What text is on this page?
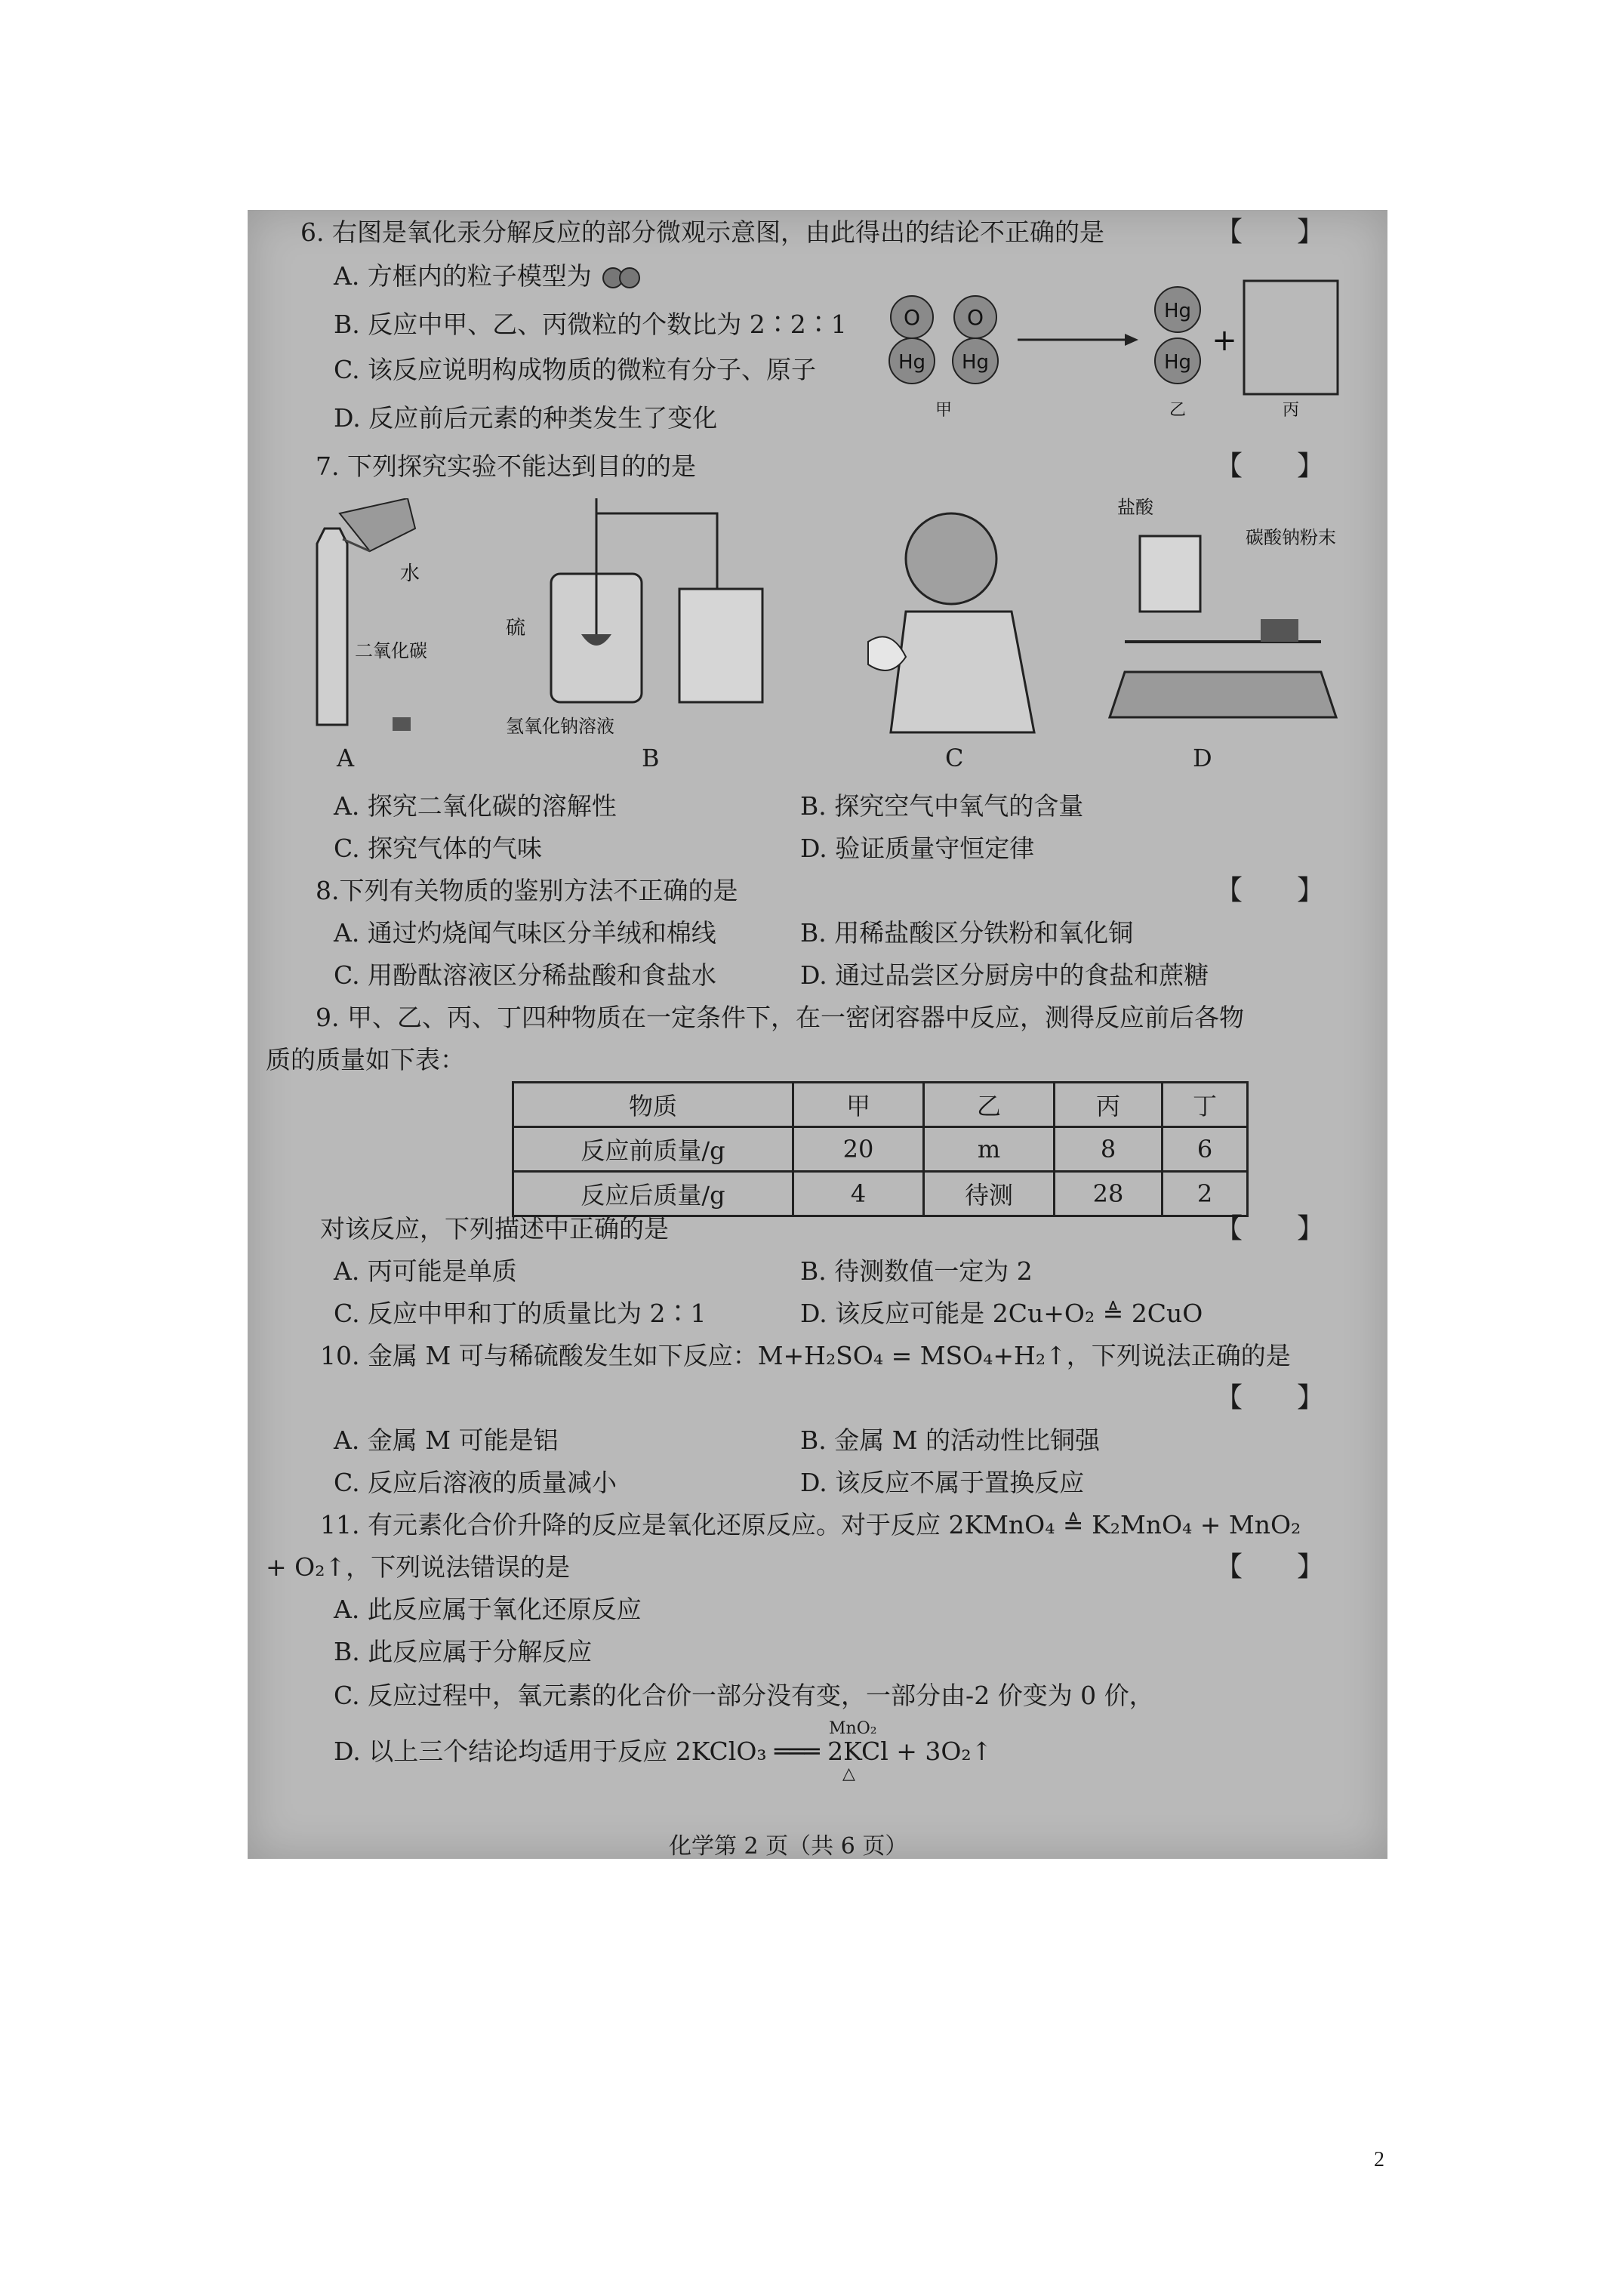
6. 右图是氧化汞分解反应的部分微观示意图，由此得出的结论不正确的是	【　　】
A. 方框内的粒子模型为
B. 反应中甲、乙、丙微粒的个数比为 2∶2∶1
C. 该反应说明构成物质的微粒有分子、原子
D. 反应前后元素的种类发生了变化
O
Hg
O
Hg
甲
Hg
Hg
乙
+
丙
7. 下列探究实验不能达到目的的是	【　　】
水
二氧化碳
硫
氢氧化钠溶液
盐酸
碳酸钠粉末
A	B	C	D
A. 探究二氧化碳的溶解性	B. 探究空气中氧气的含量
C. 探究气体的气味	D. 验证质量守恒定律
8.下列有关物质的鉴别方法不正确的是	【　　】
A. 通过灼烧闻气味区分羊绒和棉线	B. 用稀盐酸区分铁粉和氧化铜
C. 用酚酞溶液区分稀盐酸和食盐水	D. 通过品尝区分厨房中的食盐和蔗糖
9. 甲、乙、丙、丁四种物质在一定条件下，在一密闭容器中反应，测得反应前后各物
质的质量如下表：
物质	甲	乙	丙	丁
反应前质量/g	20	m	8	6
反应后质量/g	4	待测	28	2
对该反应，下列描述中正确的是	【　　】
A. 丙可能是单质	B. 待测数值一定为 2
C. 反应中甲和丁的质量比为 2∶1	D. 该反应可能是 2Cu+O₂ ≜ 2CuO
10. 金属 M 可与稀硫酸发生如下反应：M+H₂SO₄ = MSO₄+H₂↑，下列说法正确的是
【　　】
A. 金属 M 可能是铝	B. 金属 M 的活动性比铜强
C. 反应后溶液的质量减小	D. 该反应不属于置换反应
11. 有元素化合价升降的反应是氧化还原反应。对于反应 2KMnO₄ ≜ K₂MnO₄ + MnO₂
+ O₂↑，下列说法错误的是	【　　】
A. 此反应属于氧化还原反应
B. 此反应属于分解反应
C. 反应过程中，氧元素的化合价一部分没有变，一部分由-2 价变为 0 价，
D. 以上三个结论均适用于反应 2KClO₃ ═══ 2KCl + 3O₂↑
MnO₂
△
化学第 2 页（共 6 页）
2
